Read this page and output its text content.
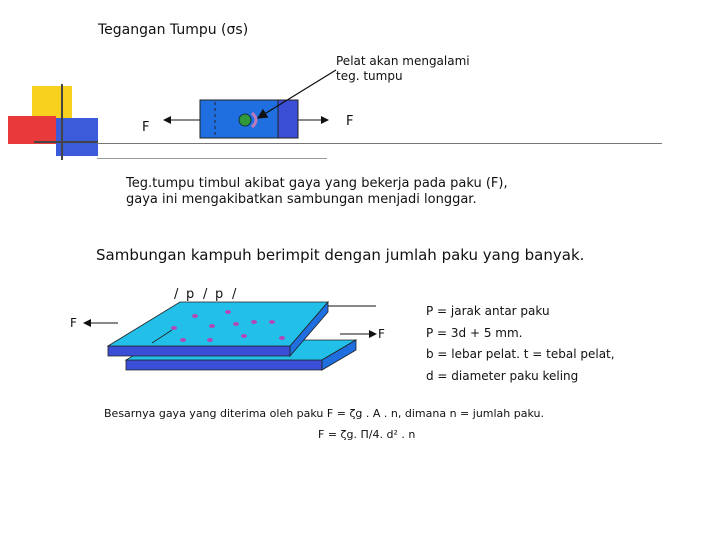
Tegangan Tumpu (σs)
Pelat akan mengalami
teg. tumpu
F	F
Teg.tumpu timbul akibat gaya yang bekerja pada paku (F),
gaya ini mengakibatkan sambungan menjadi longgar.
Sambungan kampuh berimpit dengan jumlah paku yang banyak.
/ p / p /
F
F
P = jarak antar paku
P = 3d + 5 mm.
b = lebar pelat. t = tebal pelat,
d = diameter paku keling
Besarnya gaya yang diterima oleh paku F = ζg . A . n, dimana n = jumlah paku.
F = ζg. Π/4. d² . n
